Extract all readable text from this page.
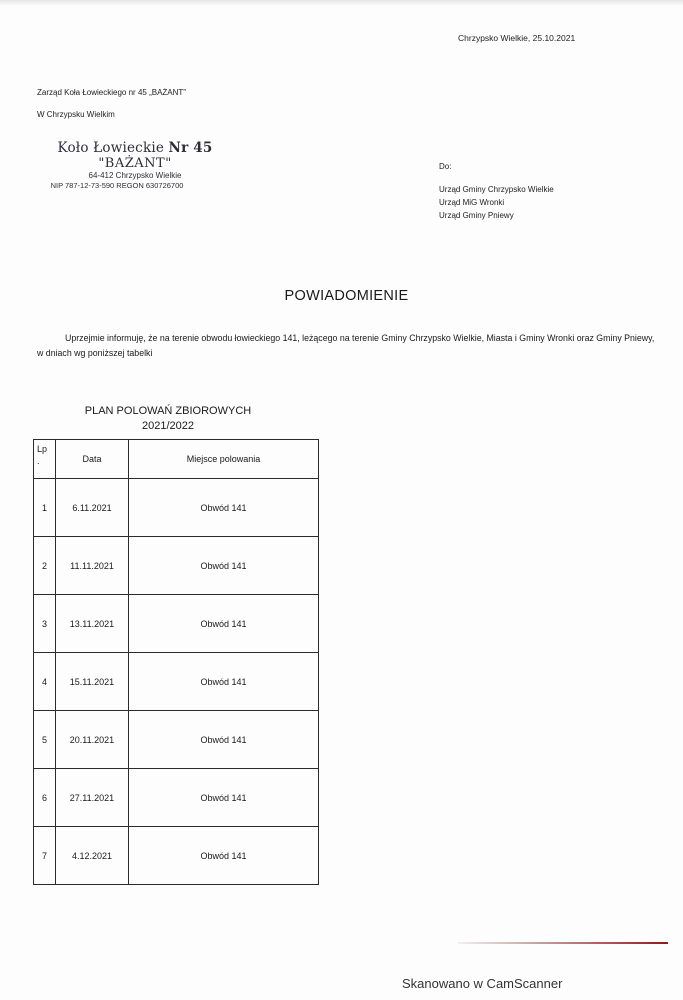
Chrzypsko Wielkie, 25.10.2021
Zarząd Koła Łowieckiego nr 45 „BAŻANT”
W Chrzypsku Wielkim
Koło Łowieckie Nr 45
"BAŻANT"
64-412 Chrzypsko Wielkie
NIP 787-12-73-590 REGON 630726700
Do:
Urząd Gminy Chrzypsko Wielkie
Urząd MiG Wronki
Urząd Gminy Pniewy
POWIADOMIENIE
Uprzejmie informuję, że na terenie obwodu łowieckiego 141, leżącego na terenie Gminy Chrzypsko Wielkie, Miasta i Gminy Wronki oraz Gminy Pniewy, w dniach wg poniższej tabelki
PLAN POLOWAŃ ZBIOROWYCH
2021/2022
Lp
.	Data	Miejsce polowania
1	6.11.2021	Obwód 141
2	11.11.2021	Obwód 141
3	13.11.2021	Obwód 141
4	15.11.2021	Obwód 141
5	20.11.2021	Obwód 141
6	27.11.2021	Obwód 141
7	4.12.2021	Obwód 141
Skanowano w CamScanner
